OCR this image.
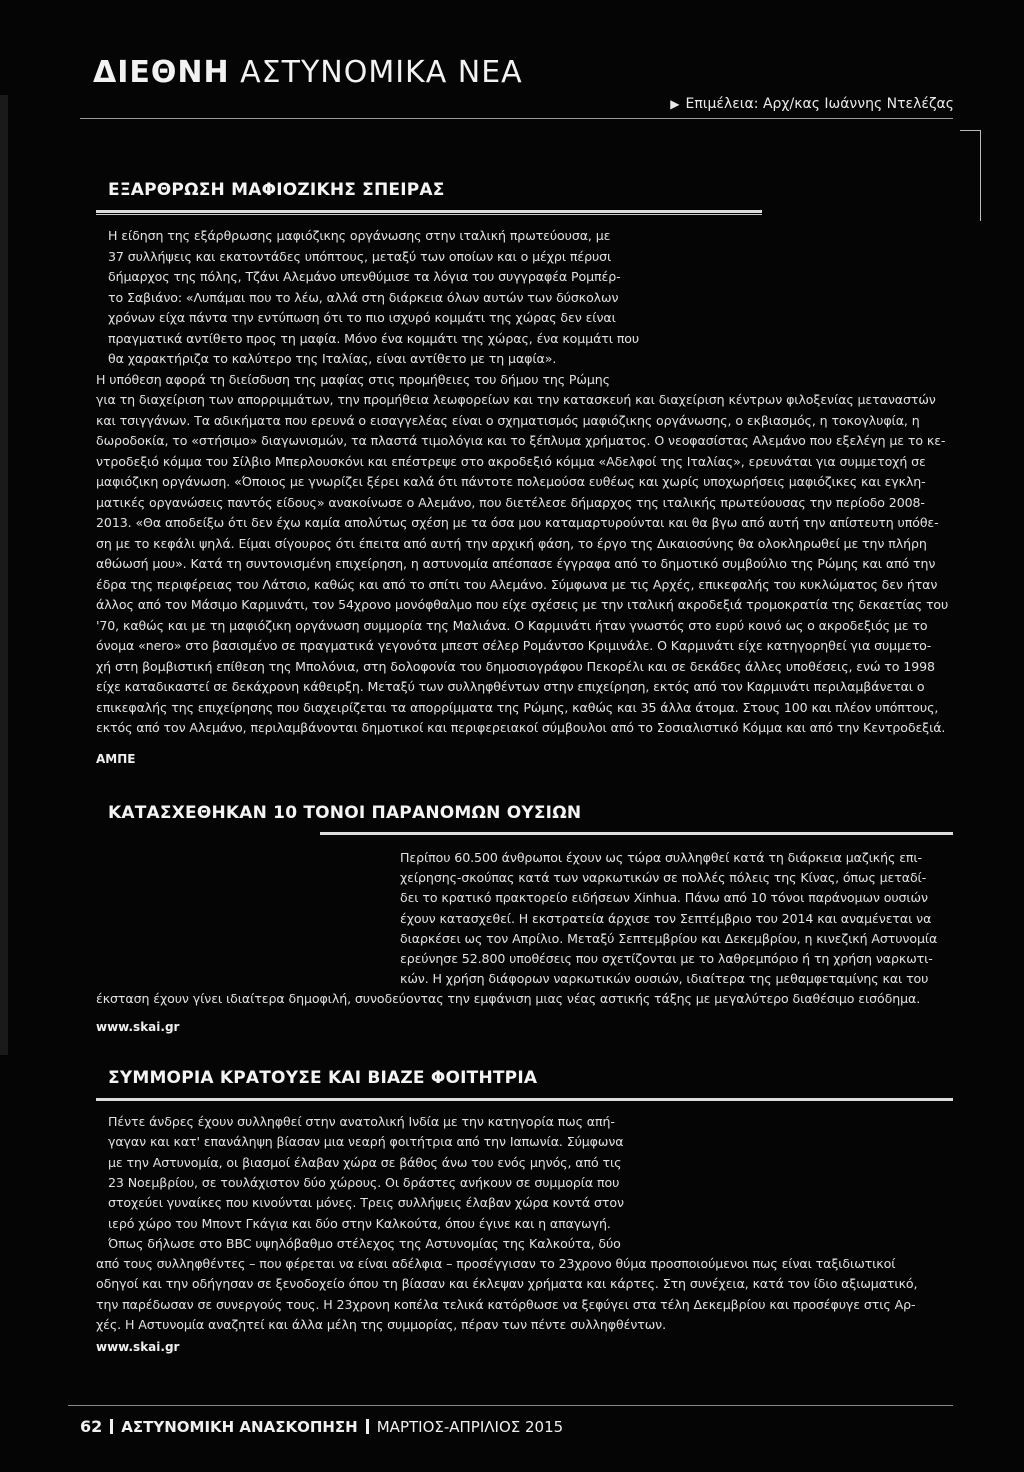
ΔΙΕΘΝΗ ΑΣΤΥΝΟΜΙΚΑ ΝΕΑ
▶ Επιμέλεια: Αρχ/κας Ιωάννης Ντελέζας
ΕΞΑΡΘΡΩΣΗ ΜΑΦΙΟΖΙΚΗΣ ΣΠΕΙΡΑΣ
Η είδηση της εξάρθρωσης μαφιόζικης οργάνωσης στην ιταλική πρωτεύουσα, με
37 συλλήψεις και εκατοντάδες υπόπτους, μεταξύ των οποίων και ο μέχρι πέρυσι
δήμαρχος της πόλης, Τζάνι Αλεμάνο υπενθύμισε τα λόγια του συγγραφέα Ρομπέρ-
το Σαβιάνο: «Λυπάμαι που το λέω, αλλά στη διάρκεια όλων αυτών των δύσκολων
χρόνων είχα πάντα την εντύπωση ότι το πιο ισχυρό κομμάτι της χώρας δεν είναι
πραγματικά αντίθετο προς τη μαφία. Μόνο ένα κομμάτι της χώρας, ένα κομμάτι που
θα χαρακτήριζα το καλύτερο της Ιταλίας, είναι αντίθετο με τη μαφία».
Η υπόθεση αφορά τη διείσδυση της μαφίας στις προμήθειες του δήμου της Ρώμης
για τη διαχείριση των απορριμμάτων, την προμήθεια λεωφορείων και την κατασκευή και διαχείριση κέντρων φιλοξενίας μεταναστών
και τσιγγάνων. Τα αδικήματα που ερευνά ο εισαγγελέας είναι ο σχηματισμός μαφιόζικης οργάνωσης, ο εκβιασμός, η τοκογλυφία, η
δωροδοκία, το «στήσιμο» διαγωνισμών, τα πλαστά τιμολόγια και το ξέπλυμα χρήματος. Ο νεοφασίστας Αλεμάνο που εξελέγη με το κε-
ντροδεξιό κόμμα του Σίλβιο Μπερλουσκόνι και επέστρεψε στο ακροδεξιό κόμμα «Αδελφοί της Ιταλίας», ερευνάται για συμμετοχή σε
μαφιόζικη οργάνωση. «Όποιος με γνωρίζει ξέρει καλά ότι πάντοτε πολεμούσα ευθέως και χωρίς υποχωρήσεις μαφιόζικες και εγκλη-
ματικές οργανώσεις παντός είδους» ανακοίνωσε ο Αλεμάνο, που διετέλεσε δήμαρχος της ιταλικής πρωτεύουσας την περίοδο 2008-
2013. «Θα αποδείξω ότι δεν έχω καμία απολύτως σχέση με τα όσα μου καταμαρτυρούνται και θα βγω από αυτή την απίστευτη υπόθε-
ση με το κεφάλι ψηλά. Είμαι σίγουρος ότι έπειτα από αυτή την αρχική φάση, το έργο της Δικαιοσύνης θα ολοκληρωθεί με την πλήρη
αθώωσή μου». Κατά τη συντονισμένη επιχείρηση, η αστυνομία απέσπασε έγγραφα από το δημοτικό συμβούλιο της Ρώμης και από την
έδρα της περιφέρειας του Λάτσιο, καθώς και από το σπίτι του Αλεμάνο. Σύμφωνα με τις Αρχές, επικεφαλής του κυκλώματος δεν ήταν
άλλος από τον Μάσιμο Καρμινάτι, τον 54χρονο μονόφθαλμο που είχε σχέσεις με την ιταλική ακροδεξιά τρομοκρατία της δεκαετίας του
'70, καθώς και με τη μαφιόζικη οργάνωση συμμορία της Μαλιάνα. Ο Καρμινάτι ήταν γνωστός στο ευρύ κοινό ως ο ακροδεξιός με το
όνομα «nero» στο βασισμένο σε πραγματικά γεγονότα μπεστ σέλερ Ρομάντσο Κριμινάλε. Ο Καρμινάτι είχε κατηγορηθεί για συμμετο-
χή στη βομβιστική επίθεση της Μπολόνια, στη δολοφονία του δημοσιογράφου Πεκορέλι και σε δεκάδες άλλες υποθέσεις, ενώ το 1998
είχε καταδικαστεί σε δεκάχρονη κάθειρξη. Μεταξύ των συλληφθέντων στην επιχείρηση, εκτός από τον Καρμινάτι περιλαμβάνεται ο
επικεφαλής της επιχείρησης που διαχειρίζεται τα απορρίμματα της Ρώμης, καθώς και 35 άλλα άτομα. Στους 100 και πλέον υπόπτους,
εκτός από τον Αλεμάνο, περιλαμβάνονται δημοτικοί και περιφερειακοί σύμβουλοι από το Σοσιαλιστικό Κόμμα και από την Κεντροδεξιά.
ΑΜΠΕ
ΚΑΤΑΣΧΕΘΗΚΑΝ 10 ΤΟΝΟΙ ΠΑΡΑΝΟΜΩΝ ΟΥΣΙΩΝ
Περίπου 60.500 άνθρωποι έχουν ως τώρα συλληφθεί κατά τη διάρκεια μαζικής επι-
χείρησης-σκούπας κατά των ναρκωτικών σε πολλές πόλεις της Κίνας, όπως μεταδί-
δει το κρατικό πρακτορείο ειδήσεων Xinhua. Πάνω από 10 τόνοι παράνομων ουσιών
έχουν κατασχεθεί. Η εκστρατεία άρχισε τον Σεπτέμβριο του 2014 και αναμένεται να
διαρκέσει ως τον Απρίλιο. Μεταξύ Σεπτεμβρίου και Δεκεμβρίου, η κινεζική Αστυνομία
ερεύνησε 52.800 υποθέσεις που σχετίζονται με το λαθρεμπόριο ή τη χρήση ναρκωτι-
κών. Η χρήση διάφορων ναρκωτικών ουσιών, ιδιαίτερα της μεθαμφεταμίνης και του
έκσταση έχουν γίνει ιδιαίτερα δημοφιλή, συνοδεύοντας την εμφάνιση μιας νέας αστικής τάξης με μεγαλύτερο διαθέσιμο εισόδημα.
www.skai.gr
ΣΥΜΜΟΡΙΑ ΚΡΑΤΟΥΣΕ ΚΑΙ ΒΙΑΖΕ ΦΟΙΤΗΤΡΙΑ
Πέντε άνδρες έχουν συλληφθεί στην ανατολική Ινδία με την κατηγορία πως απή-
γαγαν και κατ' επανάληψη βίασαν μια νεαρή φοιτήτρια από την Ιαπωνία. Σύμφωνα
με την Αστυνομία, οι βιασμοί έλαβαν χώρα σε βάθος άνω του ενός μηνός, από τις
23 Νοεμβρίου, σε τουλάχιστον δύο χώρους. Οι δράστες ανήκουν σε συμμορία που
στοχεύει γυναίκες που κινούνται μόνες. Τρεις συλλήψεις έλαβαν χώρα κοντά στον
ιερό χώρο του Μποντ Γκάγια και δύο στην Καλκούτα, όπου έγινε και η απαγωγή.
Όπως δήλωσε στο BBC υψηλόβαθμο στέλεχος της Αστυνομίας της Καλκούτα, δύο
από τους συλληφθέντες – που φέρεται να είναι αδέλφια – προσέγγισαν το 23χρονο θύμα προσποιούμενοι πως είναι ταξιδιωτικοί
οδηγοί και την οδήγησαν σε ξενοδοχείο όπου τη βίασαν και έκλεψαν χρήματα και κάρτες. Στη συνέχεια, κατά τον ίδιο αξιωματικό,
την παρέδωσαν σε συνεργούς τους. Η 23χρονη κοπέλα τελικά κατόρθωσε να ξεφύγει στα τέλη Δεκεμβρίου και προσέφυγε στις Αρ-
χές. Η Αστυνομία αναζητεί και άλλα μέλη της συμμορίας, πέραν των πέντε συλληφθέντων.
www.skai.gr
62 ΑΣΤΥΝΟΜΙΚΗ ΑΝΑΣΚΟΠΗΣΗ ΜΑΡΤΙΟΣ-ΑΠΡΙΛΙΟΣ 2015
